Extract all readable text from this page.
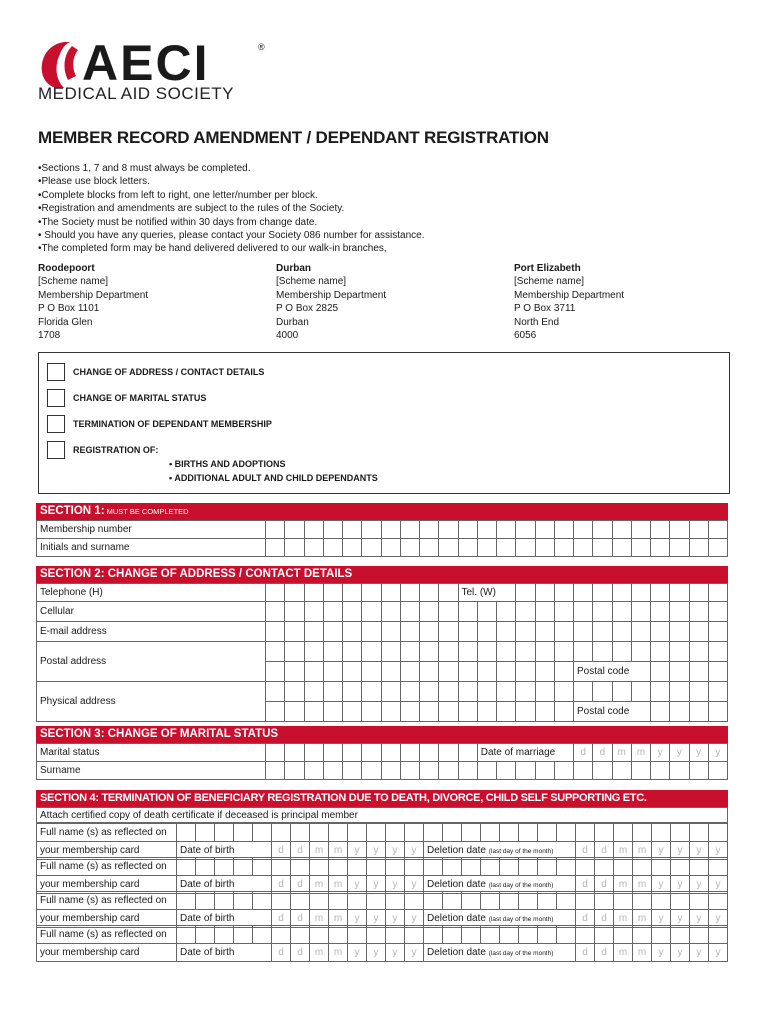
AECI	®
MEDICAL AID SOCIETY
MEMBER RECORD AMENDMENT / DEPENDANT REGISTRATION
• Sections 1, 7 and 8 must always be completed.
• Please use block letters.
• Complete blocks from left to right, one letter/number per block.
• Registration and amendments are subject to the rules of the Society.
• The Society must be notified within 30 days from change date.
• Should you have any queries, please contact your Society 086 number for assistance.
• The completed form may be hand delivered delivered to our walk-in branches,
Roodepoort
[Scheme name]
Membership Department
P O Box 1101
Florida Glen
1708
Durban
[Scheme name]
Membership Department
P O Box 2825
Durban
4000
Port Elizabeth
[Scheme name]
Membership Department
P O Box 3711
North End
6056
CHANGE OF ADDRESS / CONTACT DETAILS
CHANGE OF MARITAL STATUS
TERMINATION OF DEPENDANT MEMBERSHIP
REGISTRATION OF:
• BIRTHS AND ADOPTIONS
• ADDITIONAL ADULT AND CHILD DEPENDANTS
SECTION 1: MUST BE COMPLETED
Membership number																								
Initials and surname																								
SECTION 2: CHANGE OF ADDRESS / CONTACT DETAILS
Telephone (H)											Tel. (W)													
Cellular																								
E-mail address																								
Postal address																								
																	Postal code							
Physical address																								
																	Postal code							
SECTION 3: CHANGE OF MARITAL STATUS
Marital status												Date of marriage					d	d	m	m	y	y	y	y
Surname																								
SECTION 4: TERMINATION OF BENEFICIARY REGISTRATION DUE TO DEATH, DIVORCE, CHILD SELF SUPPORTING ETC.
Attach certified copy of death certificate if deceased is principal member
Full name (s) as reflected on																													
your membership card	Date of birth					d	d	m	m	y	y	y	y	Deletion date (last day of the month)								d	d	m	m	y	y	y	y
Full name (s) as reflected on																													
your membership card	Date of birth					d	d	m	m	y	y	y	y	Deletion date (last day of the month)								d	d	m	m	y	y	y	y
Full name (s) as reflected on																													
your membership card	Date of birth					d	d	m	m	y	y	y	y	Deletion date (last day of the month)								d	d	m	m	y	y	y	y
Full name (s) as reflected on																													
your membership card	Date of birth					d	d	m	m	y	y	y	y	Deletion date (last day of the month)								d	d	m	m	y	y	y	y
